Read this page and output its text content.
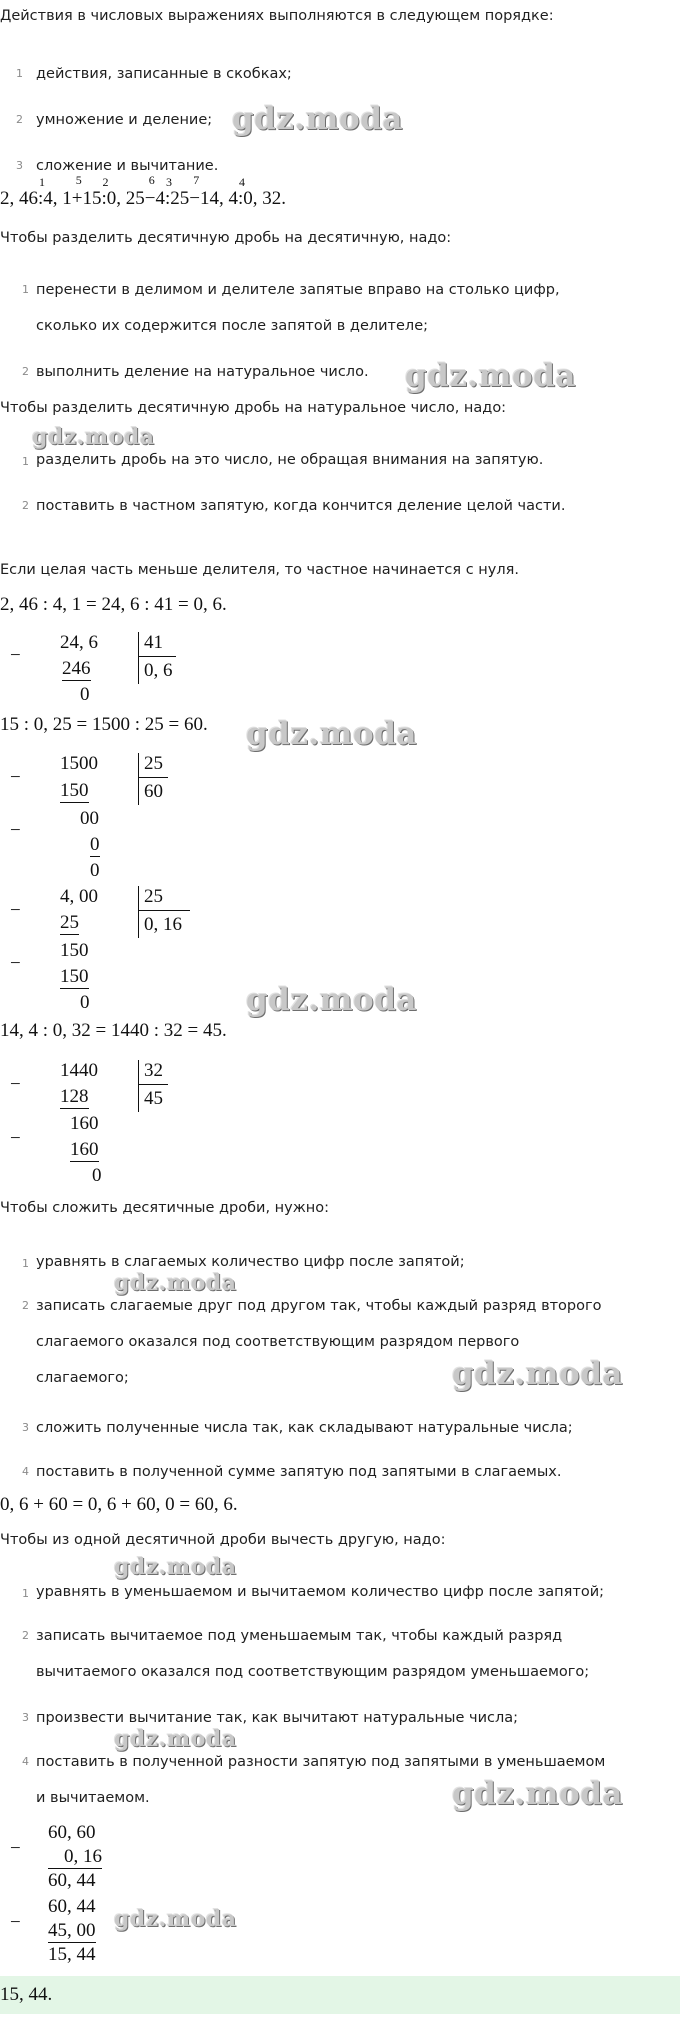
Действия в числовых выражениях выполняются в следующем порядке:
1 действия, записанные в скобках;
2 умножение и деление;
3 сложение и вычитание.
gdz.moda
2, 46 :
1
4, 1 +
5
15 :
2
0, 25 −
6
4 :
3
25 −
7
14, 4 :
4
0, 32.
Чтобы разделить десятичную дробь на десятичную, надо:
1 перенести в делимом и делителе запятые вправо на столько цифр,
сколько их содержится после запятой в делителе;
2 выполнить деление на натуральное число. gdz.moda
Чтобы разделить десятичную дробь на натуральное число, надо:
gdz.moda
1 разделить дробь на это число, не обращая внимания на запятую.
2 поставить в частном запятую, когда кончится деление целой части.
Если целая часть меньше делителя, то частное начинается с нуля.
2, 46 : 4, 1 = 24, 6 : 41 = 0, 6.
−
24, 6 41
0, 6
246
0
15 : 0, 25 = 1500 : 25 = 60. gdz.moda
−
1500 25
60
150
−
00
0
0
−
4, 00 25
0, 16
25
−
150
150
0	gdz.moda
14, 4 : 0, 32 = 1440 : 32 = 45.
−
1440 32
45
128
−
160
160
0
Чтобы сложить десятичные дроби, нужно:
1 уравнять в слагаемых количество цифр после запятой;
gdz.moda
2 записать слагаемые друг под другом так, чтобы каждый разряд второго
слагаемого оказался под соответствующим разрядом первого
слагаемого;	gdz.moda
3 сложить полученные числа так, как складывают натуральные числа;
4 поставить в полученной сумме запятую под запятыми в слагаемых.
0, 6 + 60 = 0, 6 + 60, 0 = 60, 6.
Чтобы из одной десятичной дроби вычесть другую, надо:
gdz.moda
1 уравнять в уменьшаемом и вычитаемом количество цифр после запятой;
2 записать вычитаемое под уменьшаемым так, чтобы каждый разряд
вычитаемого оказался под соответствующим разрядом уменьшаемого;
3 произвести вычитание так, как вычитают натуральные числа;
gdz.moda
4 поставить в полученной разности запятую под запятыми в уменьшаемом
и вычитаемом.	gdz.moda
−
60, 60
0, 16
60, 44
−
60, 44
45, 00
15, 44
gdz.moda
15, 44.
